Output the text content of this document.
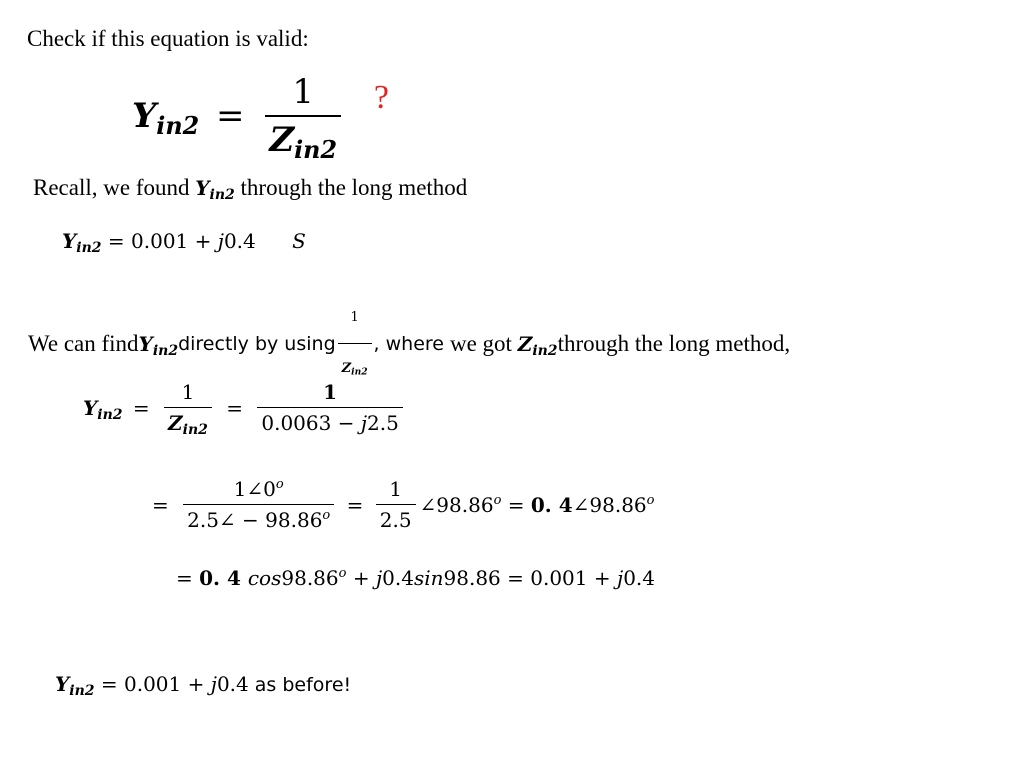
Check if this equation is valid:
$Y_{in2} = \frac{1}{Z_{in2}}$ ?
Recall, we found $Y_{in2}$ through the long method
$Y_{in2} = 0.001 + j0.4$ S
We can findY$_{in2}$directly by using $\frac{1}{Z_{in2}}$ , where we got $Z_{in2}through$ the long method,
$Y_{in2} = \frac{1}{Z_{in2}} = \frac{1}{0.0063 - j2.5}$
= $\frac{1\angle 0^o}{2.5\angle - 98.86^o} = \frac{1}{2.5}$ $\angle 98.86^o = 0$. $4\angle 98.86^o$
= 0. 4 $\cos 98.86^o + j0.4\sin 98.86 = 0.001 + j0.4$
$Y_{in2} = 0.001 + j0.4$ as before!
